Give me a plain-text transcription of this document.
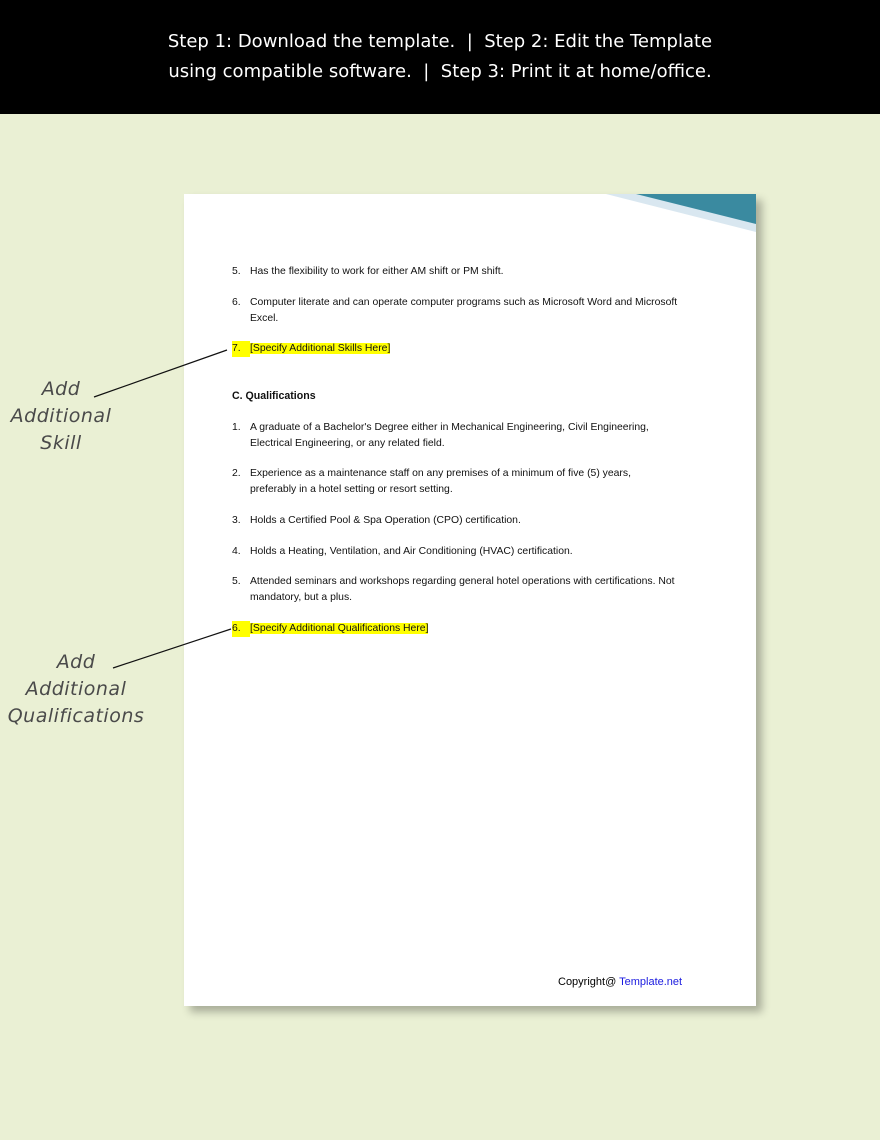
Step 1: Download the template.  |  Step 2: Edit the Template
using compatible software.  |  Step 3: Print it at home/office.
5. Has the flexibility to work for either AM shift or PM shift.
6. Computer literate and can operate computer programs such as Microsoft Word and Microsoft Excel.
7. [Specify Additional Skills Here]
C. Qualifications
1. A graduate of a Bachelor's Degree either in Mechanical Engineering, Civil Engineering, Electrical Engineering, or any related field.
2. Experience as a maintenance staff on any premises of a minimum of five (5) years, preferably in a hotel setting or resort setting.
3. Holds a Certified Pool & Spa Operation (CPO) certification.
4. Holds a Heating, Ventilation, and Air Conditioning (HVAC) certification.
5. Attended seminars and workshops regarding general hotel operations with certifications. Not mandatory, but a plus.
6. [Specify Additional Qualifications Here]
Copyright@ Template.net
Add
Additional
Skill
Add
Additional
Qualifications
